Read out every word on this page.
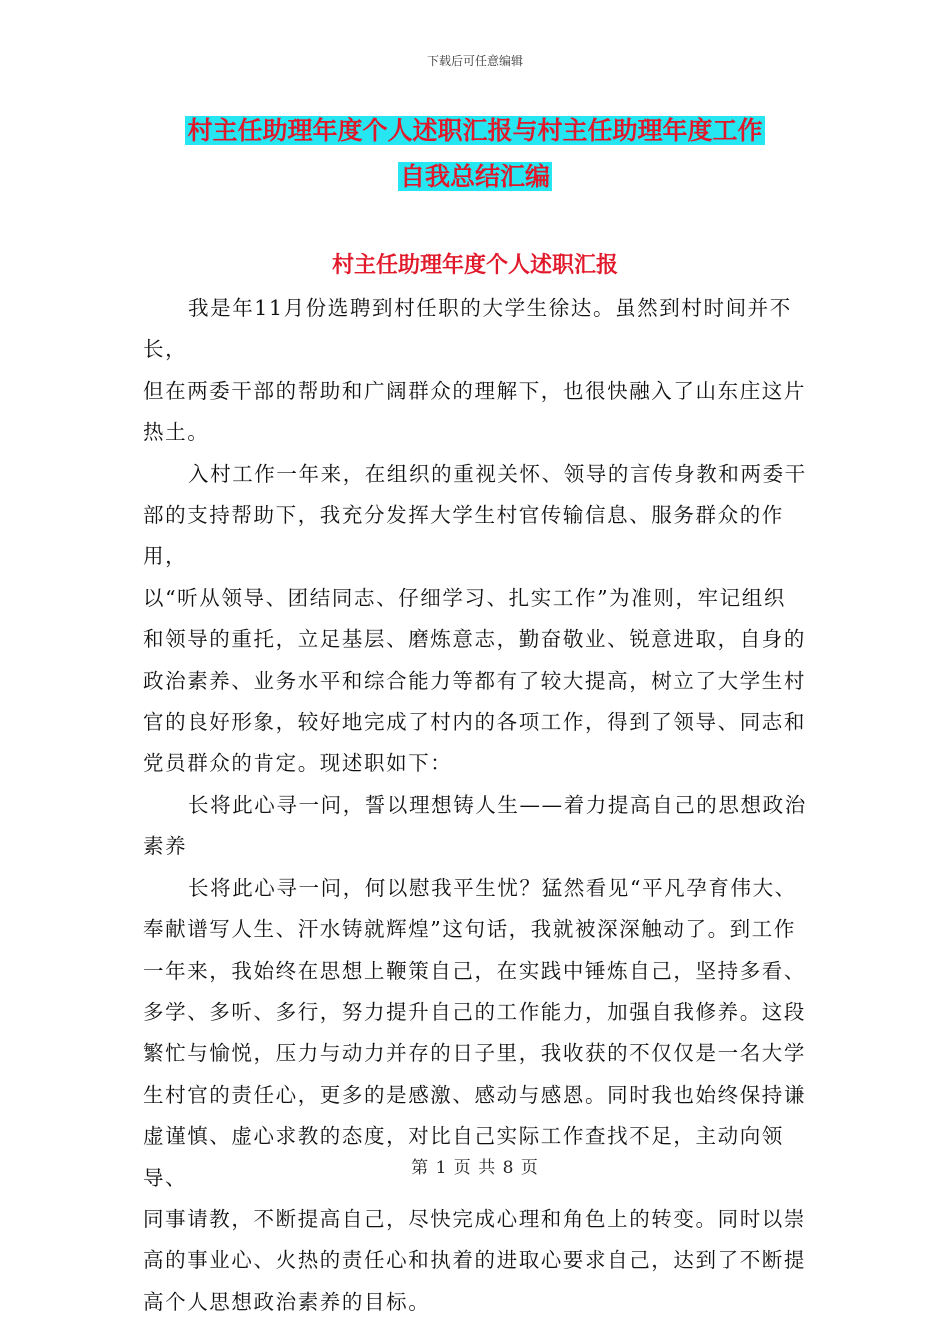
下载后可任意编辑
村主任助理年度个人述职汇报与村主任助理年度工作
自我总结汇编
村主任助理年度个人述职汇报

我是年11月份选聘到村任职的大学生徐达。虽然到村时间并不长，
但在两委干部的帮助和广阔群众的理解下，也很快融入了山东庄这片
热土。

入村工作一年来，在组织的重视关怀、领导的言传身教和两委干
部的支持帮助下，我充分发挥大学生村官传输信息、服务群众的作用，
以“听从领导、团结同志、仔细学习、扎实工作”为准则，牢记组织
和领导的重托，立足基层、磨炼意志，勤奋敬业、锐意进取，自身的
政治素养、业务水平和综合能力等都有了较大提高，树立了大学生村
官的良好形象，较好地完成了村内的各项工作，得到了领导、同志和
党员群众的肯定。现述职如下：

长将此心寻一问，誓以理想铸人生——着力提高自己的思想政治
素养

长将此心寻一问，何以慰我平生忧？猛然看见“平凡孕育伟大、
奉献谱写人生、汗水铸就辉煌”这句话，我就被深深触动了。到工作
一年来，我始终在思想上鞭策自己，在实践中锤炼自己，坚持多看、
多学、多听、多行，努力提升自己的工作能力，加强自我修养。这段
繁忙与愉悦，压力与动力并存的日子里，我收获的不仅仅是一名大学
生村官的责任心，更多的是感激、感动与感恩。同时我也始终保持谦
虚谨慎、虚心求教的态度，对比自己实际工作查找不足，主动向领导、
同事请教，不断提高自己，尽快完成心理和角色上的转变。同时以崇
高的事业心、火热的责任心和执着的进取心要求自己，达到了不断提
高个人思想政治素养的目标。

第 1 页 共 8 页
